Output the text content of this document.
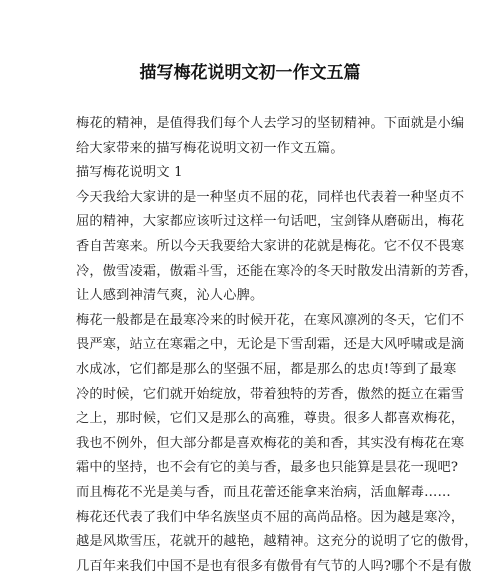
描写梅花说明文初一作文五篇
梅花的精神，是值得我们每个人去学习的坚韧精神。下面就是小编
给大家带来的描写梅花说明文初一作文五篇。
描写梅花说明文 1
今天我给大家讲的是一种坚贞不屈的花，同样也代表着一种坚贞不
屈的精神，大家都应该听过这样一句话吧，宝剑锋从磨砺出，梅花
香自苦寒来。所以今天我要给大家讲的花就是梅花。它不仅不畏寒
冷，傲雪凌霜，傲霜斗雪，还能在寒冷的冬天时散发出清新的芳香，
让人感到神清气爽，沁人心脾。
梅花一般都是在最寒冷来的时候开花，在寒风凛冽的冬天，它们不
畏严寒，站立在寒霜之中，无论是下雪刮霜，还是大风呼啸或是滴
水成冰，它们都是那么的坚强不屈，都是那么的忠贞!等到了最寒
冷的时候，它们就开始绽放，带着独特的芳香，傲然的挺立在霜雪
之上，那时候，它们又是那么的高雅，尊贵。很多人都喜欢梅花，
我也不例外，但大部分都是喜欢梅花的美和香，其实没有梅花在寒
霜中的坚持，也不会有它的美与香，最多也只能算是昙花一现吧?
而且梅花不光是美与香，而且花蕾还能拿来治病，活血解毒……
梅花还代表了我们中华名族坚贞不屈的高尚品格。因为越是寒冷，
越是风欺雪压，花就开的越艳，越精神。这充分的说明了它的傲骨，
几百年来我们中国不是也有很多有傲骨有气节的人吗?哪个不是有傲
